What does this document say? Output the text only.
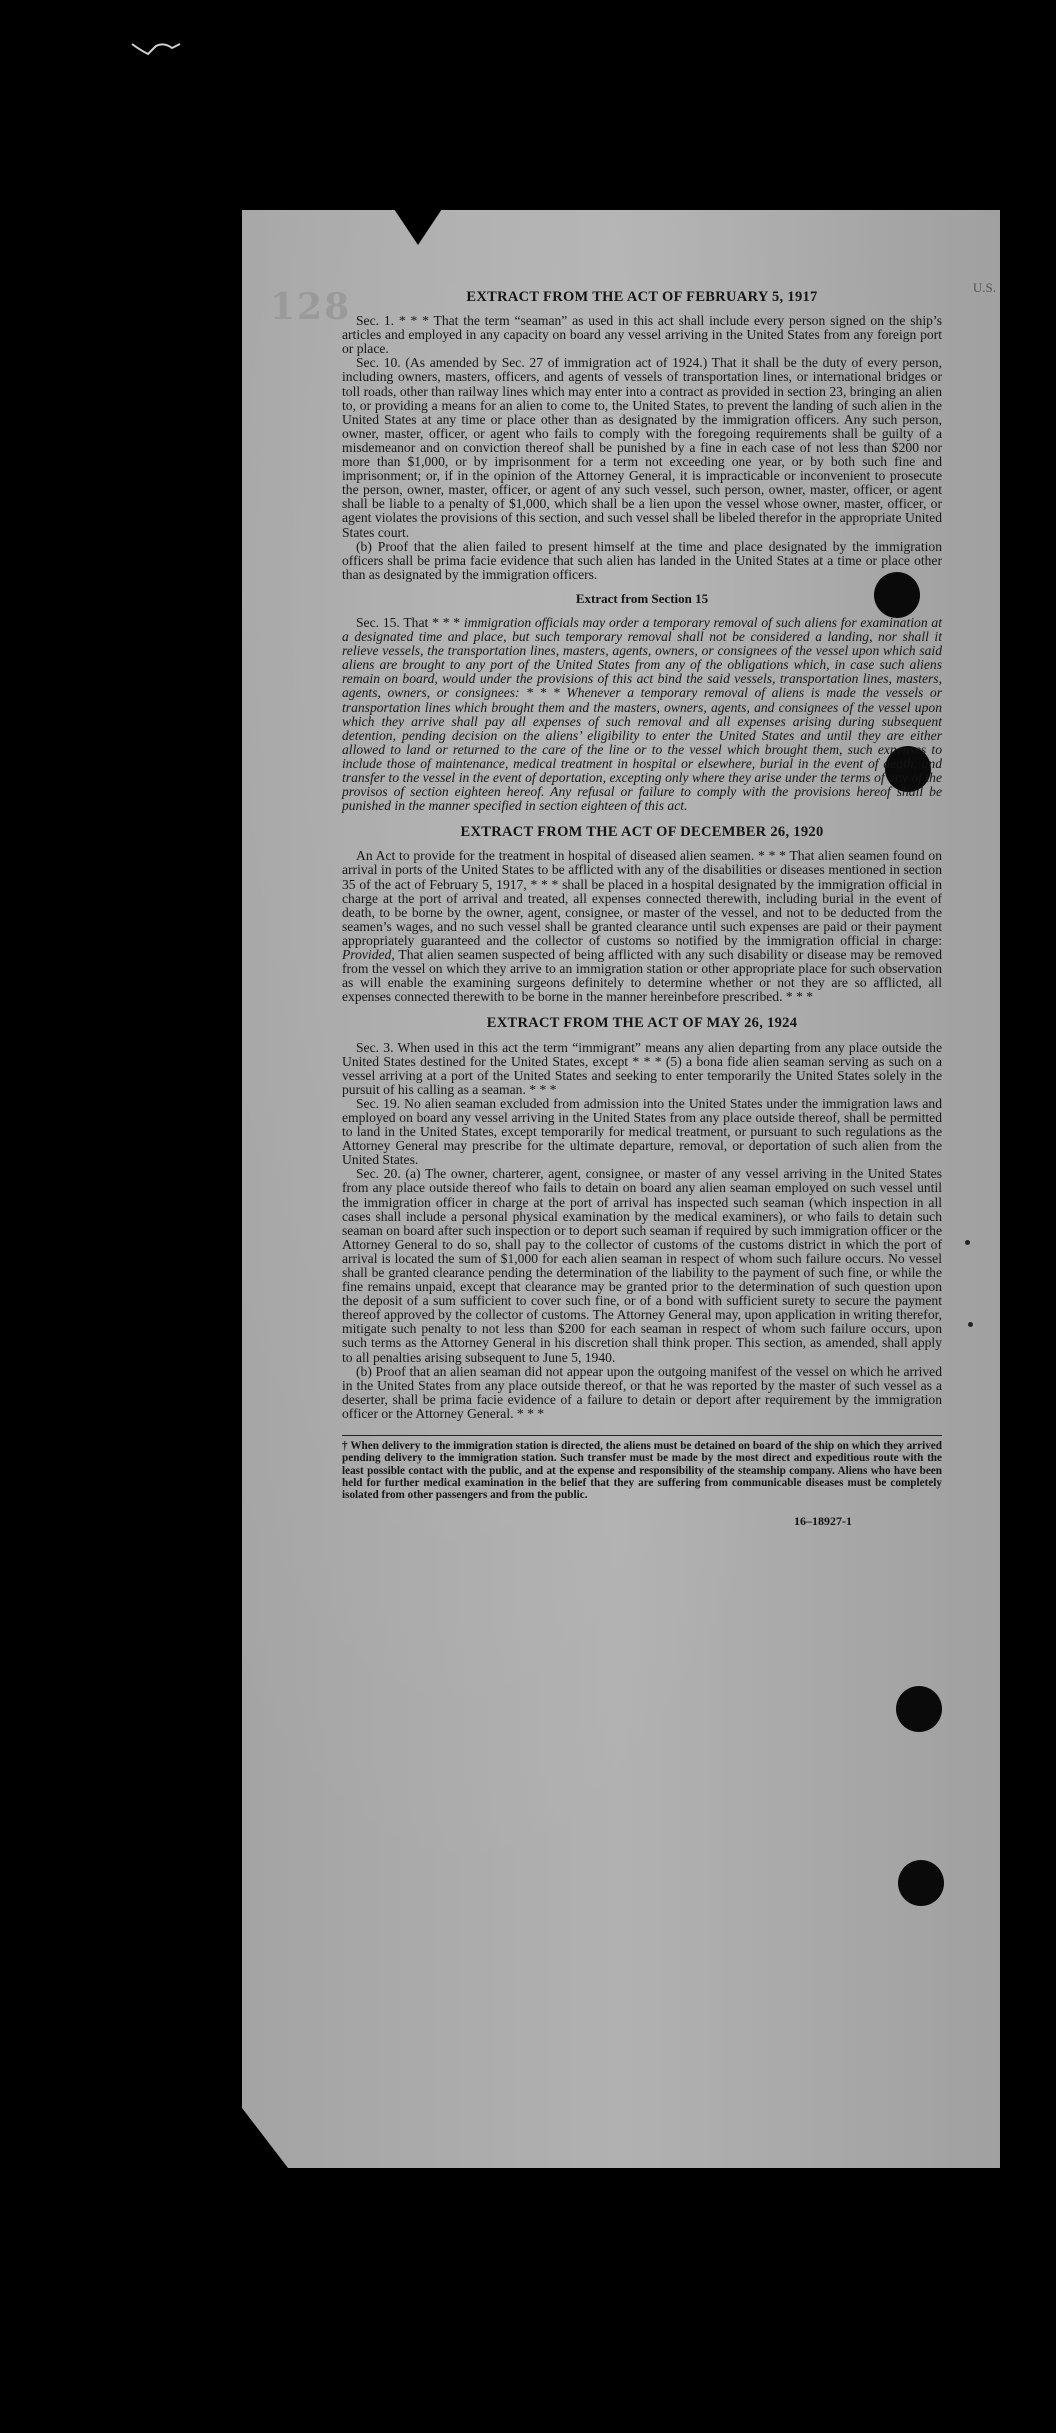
128	U.S.
EXTRACT FROM THE ACT OF FEBRUARY 5, 1917

Sec. 1. * * * That the term “seaman” as used in this act shall include every person signed on the ship’s articles and employed in any capacity on board any vessel arriving in the United States from any foreign port or place.

Sec. 10. (As amended by Sec. 27 of immigration act of 1924.) That it shall be the duty of every person, including owners, masters, officers, and agents of vessels of transportation lines, or international bridges or toll roads, other than railway lines which may enter into a contract as provided in section 23, bringing an alien to, or providing a means for an alien to come to, the United States, to prevent the landing of such alien in the United States at any time or place other than as designated by the immigration officers. Any such person, owner, master, officer, or agent who fails to comply with the foregoing requirements shall be guilty of a misdemeanor and on conviction thereof shall be punished by a fine in each case of not less than $200 nor more than $1,000, or by imprisonment for a term not exceeding one year, or by both such fine and imprisonment; or, if in the opinion of the Attorney General, it is impracticable or inconvenient to prosecute the person, owner, master, officer, or agent of any such vessel, such person, owner, master, officer, or agent shall be liable to a penalty of $1,000, which shall be a lien upon the vessel whose owner, master, officer, or agent violates the provisions of this section, and such vessel shall be libeled therefor in the appropriate United States court.

(b) Proof that the alien failed to present himself at the time and place designated by the immigration officers shall be prima facie evidence that such alien has landed in the United States at a time or place other than as designated by the immigration officers.

Extract from Section 15

Sec. 15. That * * * immigration officials may order a temporary removal of such aliens for examination at a designated time and place, but such temporary removal shall not be considered a landing, nor shall it relieve vessels, the transportation lines, masters, agents, owners, or consignees of the vessel upon which said aliens are brought to any port of the United States from any of the obligations which, in case such aliens remain on board, would under the provisions of this act bind the said vessels, transportation lines, masters, agents, owners, or consignees: * * * Whenever a temporary removal of aliens is made the vessels or transportation lines which brought them and the masters, owners, agents, and consignees of the vessel upon which they arrive shall pay all expenses of such removal and all expenses arising during subsequent detention, pending decision on the aliens’ eligibility to enter the United States and until they are either allowed to land or returned to the care of the line or to the vessel which brought them, such expenses to include those of maintenance, medical treatment in hospital or elsewhere, burial in the event of death, and transfer to the vessel in the event of deportation, excepting only where they arise under the terms of any of the provisos of section eighteen hereof. Any refusal or failure to comply with the provisions hereof shall be punished in the manner specified in section eighteen of this act.

EXTRACT FROM THE ACT OF DECEMBER 26, 1920

An Act to provide for the treatment in hospital of diseased alien seamen. * * * That alien seamen found on arrival in ports of the United States to be afflicted with any of the disabilities or diseases mentioned in section 35 of the act of February 5, 1917, * * * shall be placed in a hospital designated by the immigration official in charge at the port of arrival and treated, all expenses connected therewith, including burial in the event of death, to be borne by the owner, agent, consignee, or master of the vessel, and not to be deducted from the seamen’s wages, and no such vessel shall be granted clearance until such expenses are paid or their payment appropriately guaranteed and the collector of customs so notified by the immigration official in charge: Provided, That alien seamen suspected of being afflicted with any such disability or disease may be removed from the vessel on which they arrive to an immigration station or other appropriate place for such observation as will enable the examining surgeons definitely to determine whether or not they are so afflicted, all expenses connected therewith to be borne in the manner hereinbefore prescribed. * * *

EXTRACT FROM THE ACT OF MAY 26, 1924

Sec. 3. When used in this act the term “immigrant” means any alien departing from any place outside the United States destined for the United States, except * * * (5) a bona fide alien seaman serving as such on a vessel arriving at a port of the United States and seeking to enter temporarily the United States solely in the pursuit of his calling as a seaman. * * *

Sec. 19. No alien seaman excluded from admission into the United States under the immigration laws and employed on board any vessel arriving in the United States from any place outside thereof, shall be permitted to land in the United States, except temporarily for medical treatment, or pursuant to such regulations as the Attorney General may prescribe for the ultimate departure, removal, or deportation of such alien from the United States.

Sec. 20. (a) The owner, charterer, agent, consignee, or master of any vessel arriving in the United States from any place outside thereof who fails to detain on board any alien seaman employed on such vessel until the immigration officer in charge at the port of arrival has inspected such seaman (which inspection in all cases shall include a personal physical examination by the medical examiners), or who fails to detain such seaman on board after such inspection or to deport such seaman if required by such immigration officer or the Attorney General to do so, shall pay to the collector of customs of the customs district in which the port of arrival is located the sum of $1,000 for each alien seaman in respect of whom such failure occurs. No vessel shall be granted clearance pending the determination of the liability to the payment of such fine, or while the fine remains unpaid, except that clearance may be granted prior to the determination of such question upon the deposit of a sum sufficient to cover such fine, or of a bond with sufficient surety to secure the payment thereof approved by the collector of customs. The Attorney General may, upon application in writing therefor, mitigate such penalty to not less than $200 for each seaman in respect of whom such failure occurs, upon such terms as the Attorney General in his discretion shall think proper. This section, as amended, shall apply to all penalties arising subsequent to June 5, 1940.

(b) Proof that an alien seaman did not appear upon the outgoing manifest of the vessel on which he arrived in the United States from any place outside thereof, or that he was reported by the master of such vessel as a deserter, shall be prima facie evidence of a failure to detain or deport after requirement by the immigration officer or the Attorney General. * * *

† When delivery to the immigration station is directed, the aliens must be detained on board of the ship on which they arrived pending delivery to the immigration station. Such transfer must be made by the most direct and expeditious route with the least possible contact with the public, and at the expense and responsibility of the steamship company. Aliens who have been held for further medical examination in the belief that they are suffering from communicable diseases must be completely isolated from other passengers and from the public.
16–18927-1
